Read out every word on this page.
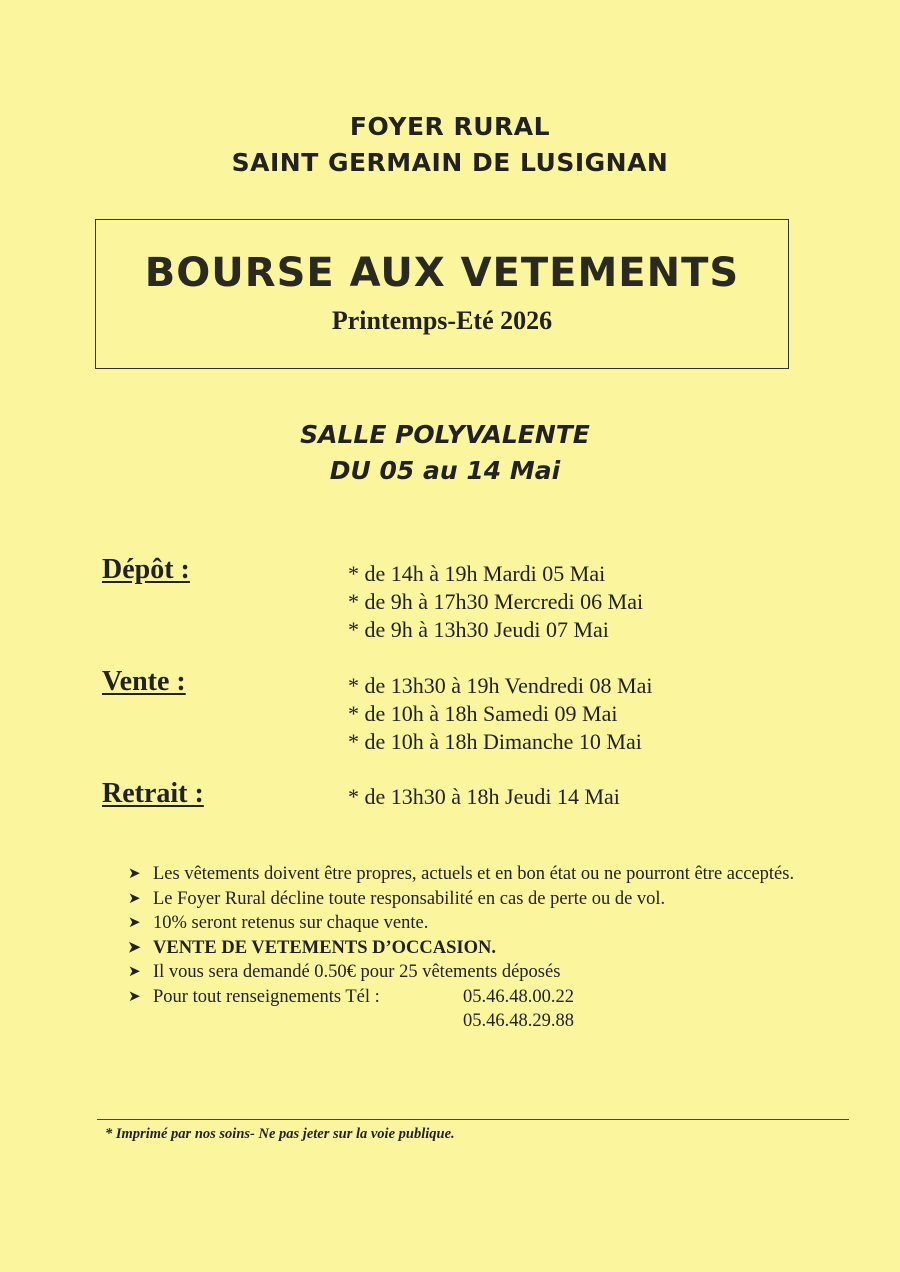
FOYER RURAL
SAINT GERMAIN DE LUSIGNAN
BOURSE AUX VETEMENTS
Printemps-Eté 2026
SALLE POLYVALENTE
DU 05 au 14 Mai
Dépôt :	* de 14h à 19h Mardi 05 Mai
* de 9h à 17h30 Mercredi 06 Mai
* de 9h à 13h30 Jeudi 07 Mai
Vente :	* de 13h30 à 19h Vendredi 08 Mai
* de 10h à 18h Samedi 09 Mai
* de 10h à 18h Dimanche 10 Mai
Retrait :	* de 13h30 à 18h Jeudi 14 Mai
➤ Les vêtements doivent être propres, actuels et en bon état ou ne pourront être acceptés.
➤ Le Foyer Rural décline toute responsabilité en cas de perte ou de vol.
➤ 10% seront retenus sur chaque vente.
➤ VENTE DE VETEMENTS D’OCCASION.
➤ Il vous sera demandé 0.50€ pour 25 vêtements déposés
➤ Pour tout renseignements Tél :	05.46.48.00.22
05.46.48.29.88
* Imprimé par nos soins- Ne pas jeter sur la voie publique.
